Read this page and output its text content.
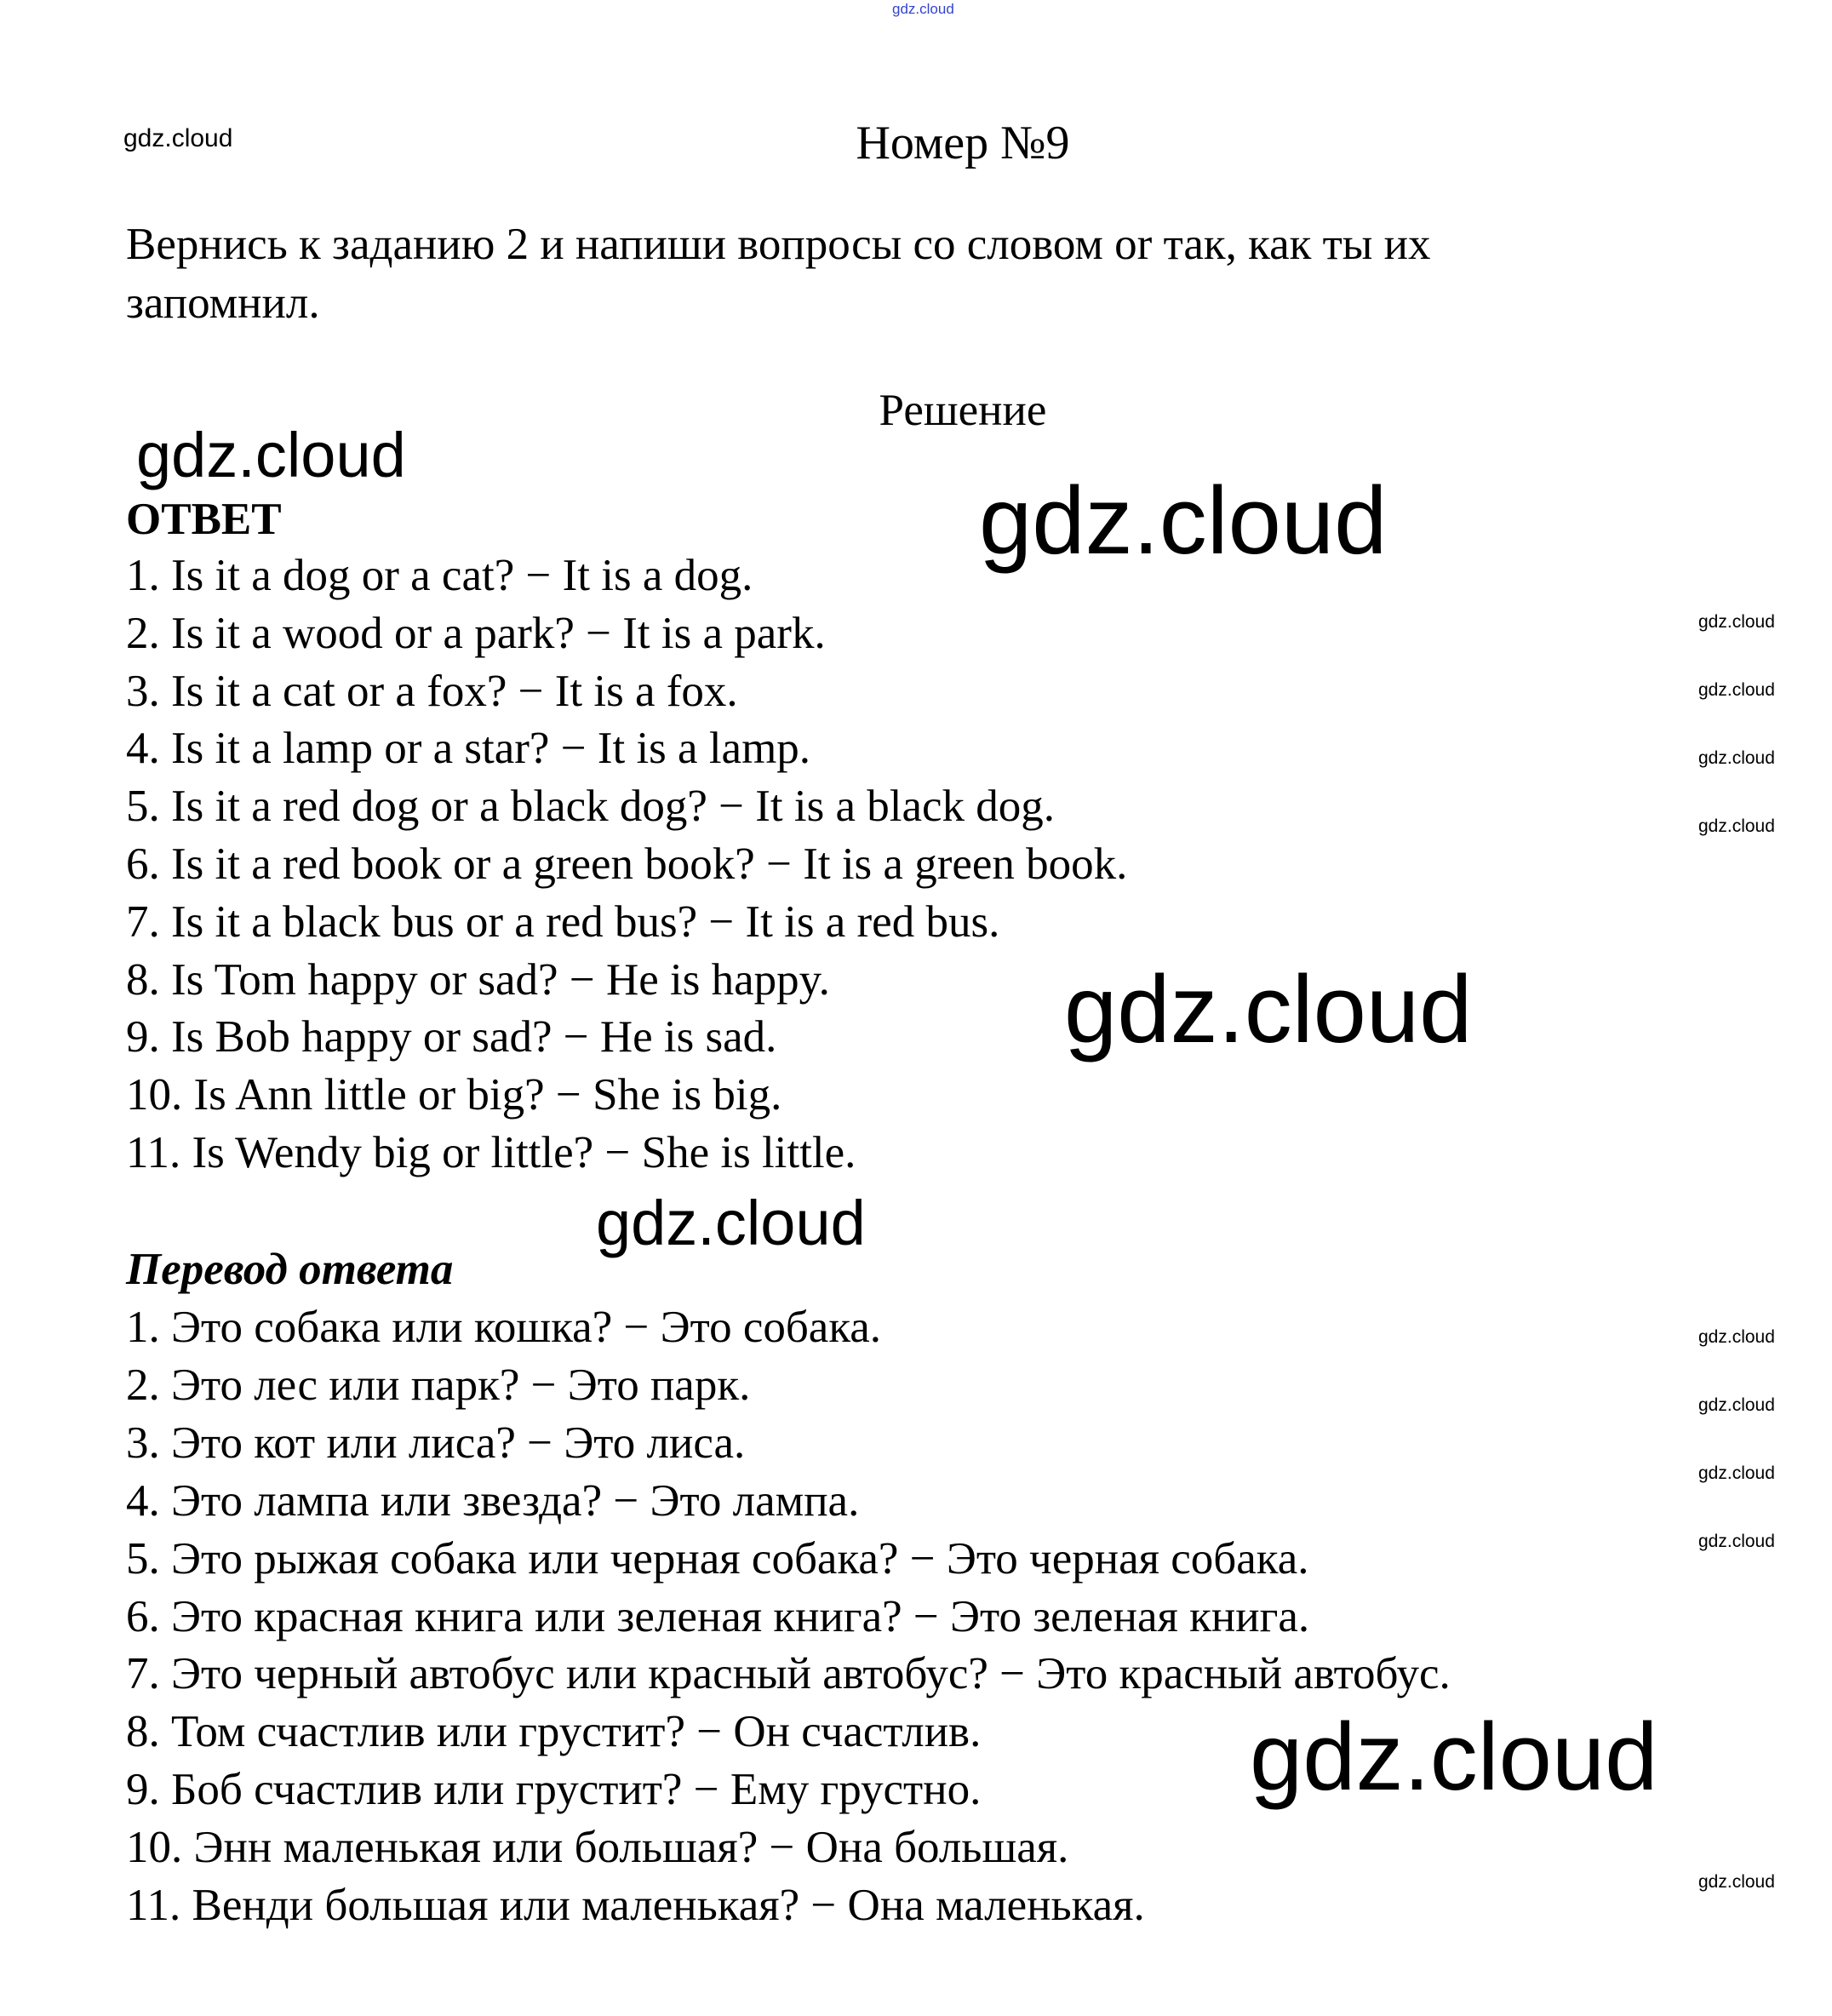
gdz.cloud
gdz.cloud	Номер №9
Вернись к заданию 2 и напиши вопросы со словом or так, как ты их
запомнил.
Решение
gdz.cloud
ОТВЕТ	gdz.cloud
1. Is it a dog or a cat? − It is a dog.
2. Is it a wood or a park? − It is a park.
3. Is it a cat or a fox? − It is a fox.
4. Is it a lamp or a star? − It is a lamp.
5. Is it a red dog or a black dog? − It is a black dog.
6. Is it a red book or a green book? − It is a green book.
7. Is it a black bus or a red bus? − It is a red bus.
8. Is Tom happy or sad? − He is happy.
9. Is Bob happy or sad? − He is sad.
10. Is Ann little or big? − She is big.
11. Is Wendy big or little? − She is little.
gdz.cloud
Перевод ответа
1. Это собака или кошка? − Это собака.
2. Это лес или парк? − Это парк.
3. Это кот или лиса? − Это лиса.
4. Это лампа или звезда? − Это лампа.
5. Это рыжая собака или черная собака? − Это черная собака.
6. Это красная книга или зеленая книга? − Это зеленая книга.
7. Это черный автобус или красный автобус? − Это красный автобус.
8. Том счастлив или грустит? − Он счастлив.
9. Боб счастлив или грустит? − Ему грустно.
10. Энн маленькая или большая? − Она большая.
11. Венди большая или маленькая? − Она маленькая.
gdz.cloud
gdz.cloud
gdz.cloud
gdz.cloud
gdz.cloud
gdz.cloud
gdz.cloud
gdz.cloud
gdz.cloud
gdz.cloud
gdz.cloud
